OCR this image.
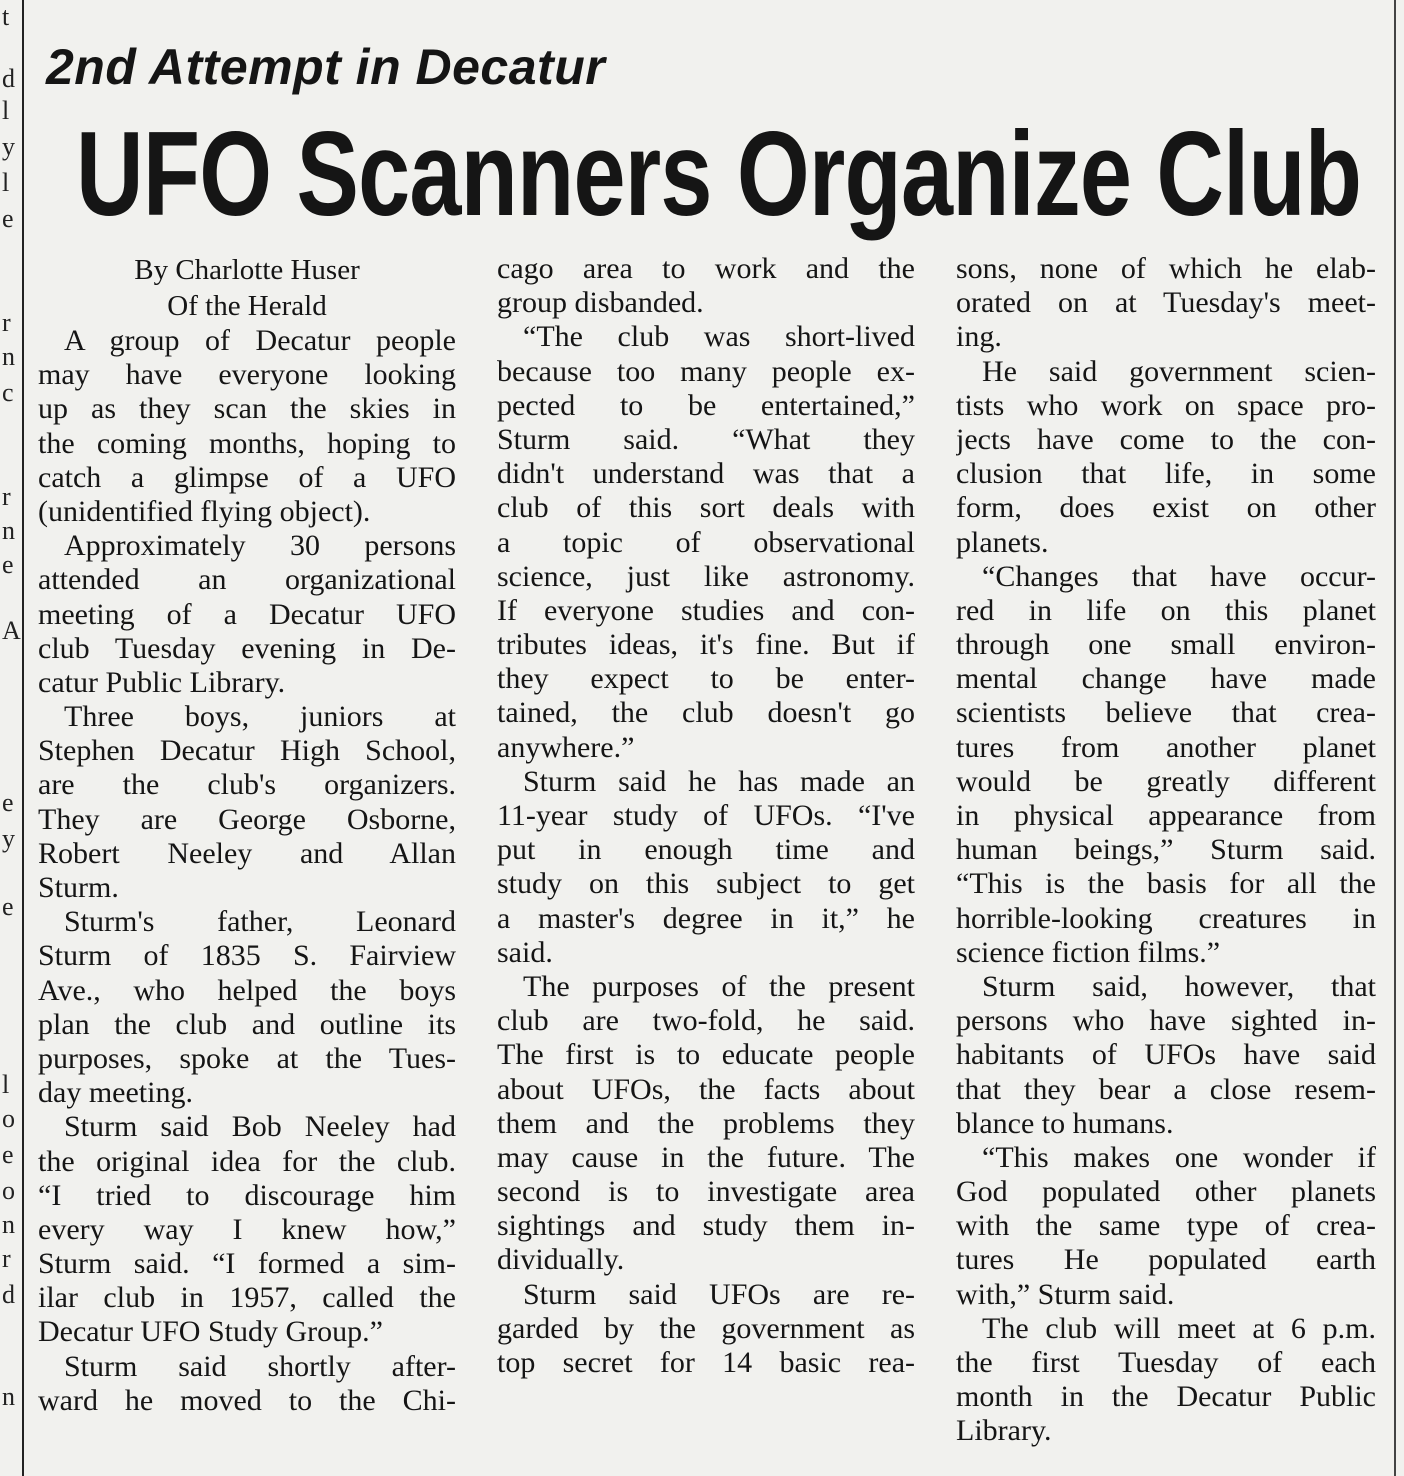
t
d
l
y
l
e
r
n
c
r
n
e
A
e
y
e
l
o
e
o
n
r
d
n
2nd Attempt in Decatur
UFO Scanners Organize Club
By Charlotte Huser
Of the Herald
A group of Decatur people
may have everyone looking
up as they scan the skies in
the coming months, hoping to
catch a glimpse of a UFO
(unidentified flying object).
Approximately 30 persons
attended an organizational
meeting of a Decatur UFO
club Tuesday evening in De-
catur Public Library.
Three boys, juniors at
Stephen Decatur High School,
are the club's organizers.
They are George Osborne,
Robert Neeley and Allan
Sturm.
Sturm's father, Leonard
Sturm of 1835 S. Fairview
Ave., who helped the boys
plan the club and outline its
purposes, spoke at the Tues-
day meeting.
Sturm said Bob Neeley had
the original idea for the club.
“I tried to discourage him
every way I knew how,”
Sturm said. “I formed a sim-
ilar club in 1957, called the
Decatur UFO Study Group.”
Sturm said shortly after-
ward he moved to the Chi-
cago area to work and the
group disbanded.
“The club was short-lived
because too many people ex-
pected to be entertained,”
Sturm said. “What they
didn't understand was that a
club of this sort deals with
a topic of observational
science, just like astronomy.
If everyone studies and con-
tributes ideas, it's fine. But if
they expect to be enter-
tained, the club doesn't go
anywhere.”
Sturm said he has made an
11-year study of UFOs. “I've
put in enough time and
study on this subject to get
a master's degree in it,” he
said.
The purposes of the present
club are two-fold, he said.
The first is to educate people
about UFOs, the facts about
them and the problems they
may cause in the future. The
second is to investigate area
sightings and study them in-
dividually.
Sturm said UFOs are re-
garded by the government as
top secret for 14 basic rea-
sons, none of which he elab-
orated on at Tuesday's meet-
ing.
He said government scien-
tists who work on space pro-
jects have come to the con-
clusion that life, in some
form, does exist on other
planets.
“Changes that have occur-
red in life on this planet
through one small environ-
mental change have made
scientists believe that crea-
tures from another planet
would be greatly different
in physical appearance from
human beings,” Sturm said.
“This is the basis for all the
horrible-looking creatures in
science fiction films.”
Sturm said, however, that
persons who have sighted in-
habitants of UFOs have said
that they bear a close resem-
blance to humans.
“This makes one wonder if
God populated other planets
with the same type of crea-
tures He populated earth
with,” Sturm said.
The club will meet at 6 p.m.
the first Tuesday of each
month in the Decatur Public
Library.
